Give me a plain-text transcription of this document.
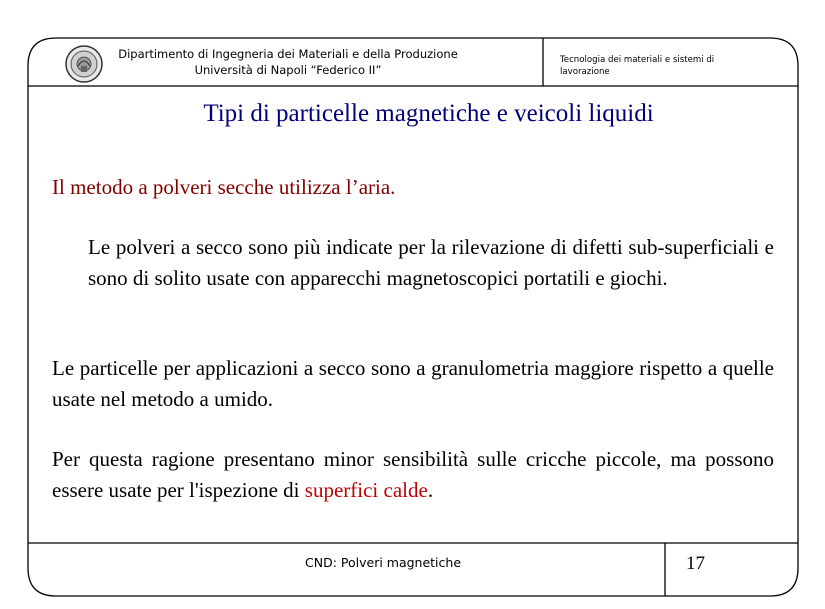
Dipartimento di Ingegneria dei Materiali e della Produzione
Università di Napoli “Federico II”
Tecnologia dei materiali e sistemi di
lavorazione
Tipi di particelle magnetiche e veicoli liquidi
Il metodo a polveri secche utilizza l’aria.
Le polveri a secco sono più indicate per la rilevazione di difetti sub-superficiali e sono di solito usate con apparecchi magnetoscopici portatili e giochi.
Le particelle per applicazioni a secco sono a granulometria maggiore rispetto a quelle usate nel metodo a umido.
Per questa ragione presentano minor sensibilità sulle cricche piccole, ma possono essere usate per l'ispezione di superfici calde.
CND: Polveri magnetiche	17
